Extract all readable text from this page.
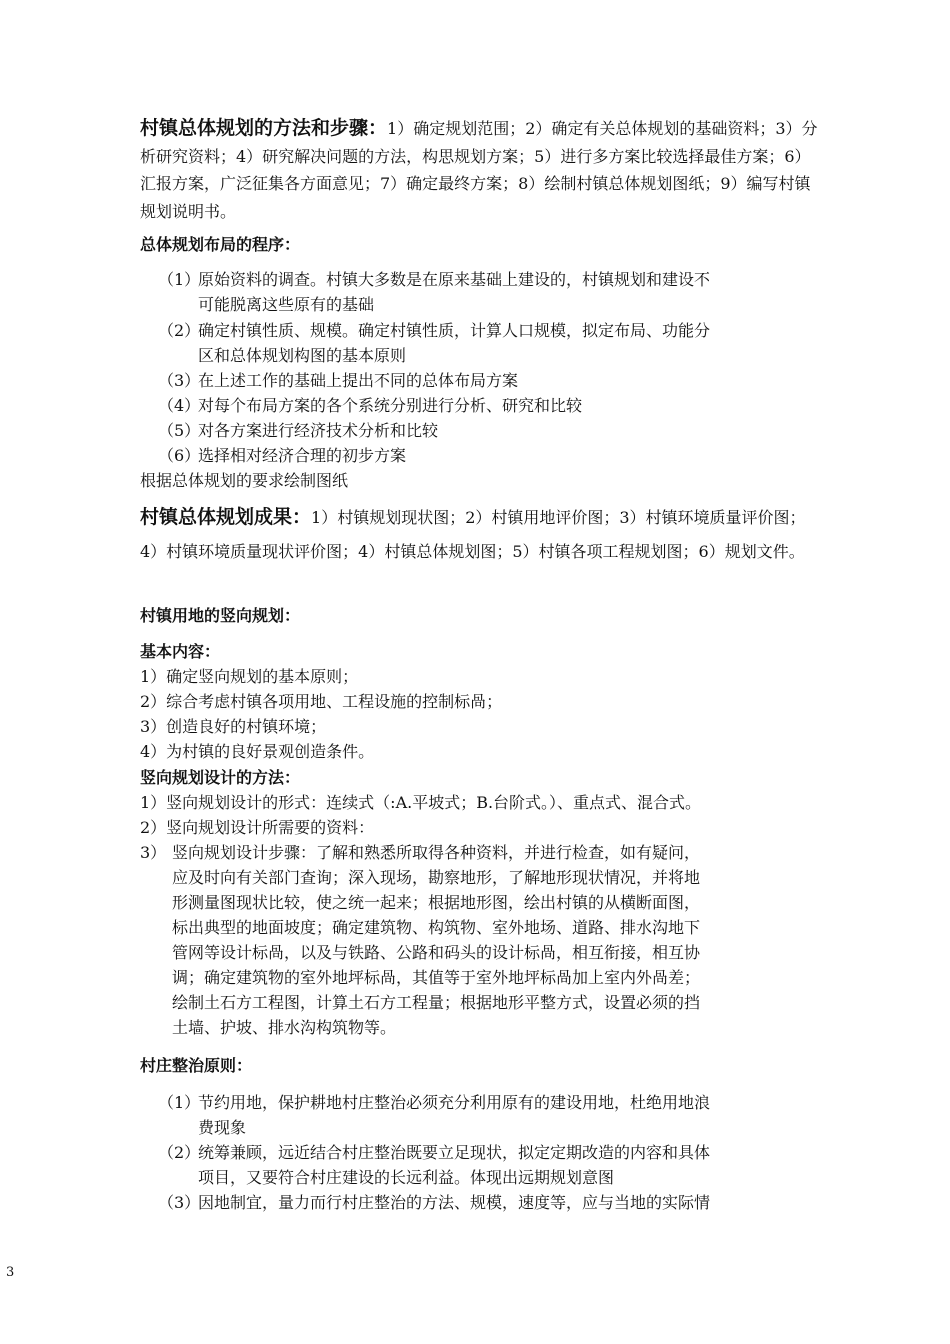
村镇总体规划的方法和步骤：1）确定规划范围；2）确定有关总体规划的基础资料；3）分析研究资料；4）研究解决问题的方法，构思规划方案；5）进行多方案比较选择最佳方案；6）汇报方案，广泛征集各方面意见；7）确定最终方案；8）绘制村镇总体规划图纸；9）编写村镇规划说明书。

总体规划布局的程序：
（1）
原始资料的调查。村镇大多数是在原来基础上建设的，村镇规划和建设不
可能脱离这些原有的基础
（2）
确定村镇性质、规模。确定村镇性质，计算人口规模，拟定布局、功能分
区和总体规划构图的基本原则
（3）
在上述工作的基础上提出不同的总体布局方案
（4）
对每个布局方案的各个系统分别进行分析、研究和比较
（5）
对各方案进行经济技术分析和比较
（6）
选择相对经济合理的初步方案
根据总体规划的要求绘制图纸

村镇总体规划成果：1）村镇规划现状图；2）村镇用地评价图；3）村镇环境质量评价图；4）村镇环境质量现状评价图；4）村镇总体规划图；5）村镇各项工程规划图；6）规划文件。

村镇用地的竖向规划：
基本内容：
1）确定竖向规划的基本原则；
2）综合考虑村镇各项用地、工程设施的控制标咼；
3）创造良好的村镇环境；
4）为村镇的良好景观创造条件。
竖向规划设计的方法：
1）竖向规划设计的形式：连续式（:A.平坡式；B.台阶式。）、重点式、混合式。
2）竖向规划设计所需要的资料：
3） 竖向规划设计步骤：了解和熟悉所取得各种资料，并进行检查，如有疑问，
应及时向有关部门查询；深入现场，勘察地形，了解地形现状情况，并将地
形测量图现状比较，使之统一起来；根据地形图，绘出村镇的从横断面图，
标出典型的地面坡度；确定建筑物、构筑物、室外地场、道路、排水沟地下
管网等设计标咼，以及与铁路、公路和码头的设计标咼，相互衔接，相互协
调；确定建筑物的室外地坪标咼，其值等于室外地坪标咼加上室内外咼差；
绘制土石方工程图，计算土石方工程量；根据地形平整方式，设置必须的挡
土墙、护坡、排水沟构筑物等。
村庄整治原则：
（1）
节约用地，保护耕地村庄整治必须充分利用原有的建设用地，杜绝用地浪
费现象
（2）
统筹兼顾，远近结合村庄整治既要立足现状，拟定定期改造的内容和具体
项目，又要符合村庄建设的长远利益。体现出远期规划意图
（3）
因地制宜，量力而行村庄整治的方法、规模，速度等，应与当地的实际情
3
